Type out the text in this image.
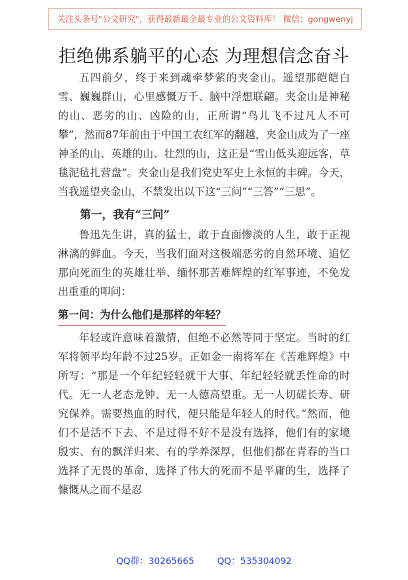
关注头条号"公文研究"，获得最新最全最专业的公文资料库！ 微信：gongwenyj
拒绝佛系躺平的心态 为理想信念奋斗

五四前夕，终于来到魂牵梦萦的夹金山。遥望那皑皑白雪、巍巍群山，心里感慨万千、脑中浮想联翩。夹金山是神秘的山、恶劣的山、凶险的山，正所谓“鸟儿飞不过凡人不可攀”，然而87年前由于中国工农红军的翻越，夹金山成为了一座神圣的山、英雄的山、壮烈的山，这正是“雪山低头迎远客，草毯泥毡扎营盘”。夹金山是我们党史军史上永恒的丰碑。今天，当我遥望夹金山，不禁发出以下这“三问”“三答”“三思”。

第一，我有“三问”

鲁迅先生讲，真的猛士，敢于直面惨淡的人生，敢于正视淋漓的鲜血。今天，当我们面对这极端恶劣的自然环境、追忆那向死而生的英雄壮举、缅怀那苦难辉煌的红军事迹，不免发出重重的叩问：

第一问：为什么他们是那样的年轻？

年轻或许意味着激情，但绝不必然等同于坚定。当时的红军将领平均年龄不过25岁。正如金一南将军在《苦难辉煌》中所写：“那是一个年纪轻轻就干大事、年纪轻轻就丢性命的时代。无一人老态龙钟、无一人德高望重。无一人切磋长寿、研究保养。需要热血的时代，便只能是年轻人的时代。”然而，他们不是活不下去、不是过得不好不是没有选择，他们有的家境殷实、有的飘洋归来、有的学养深厚，但他们都在青春的当口选择了无畏的革命，选择了伟大的死而不是平庸的生，选择了慷慨从之而不是忍

QQ群：30265665	QQ：535304092
